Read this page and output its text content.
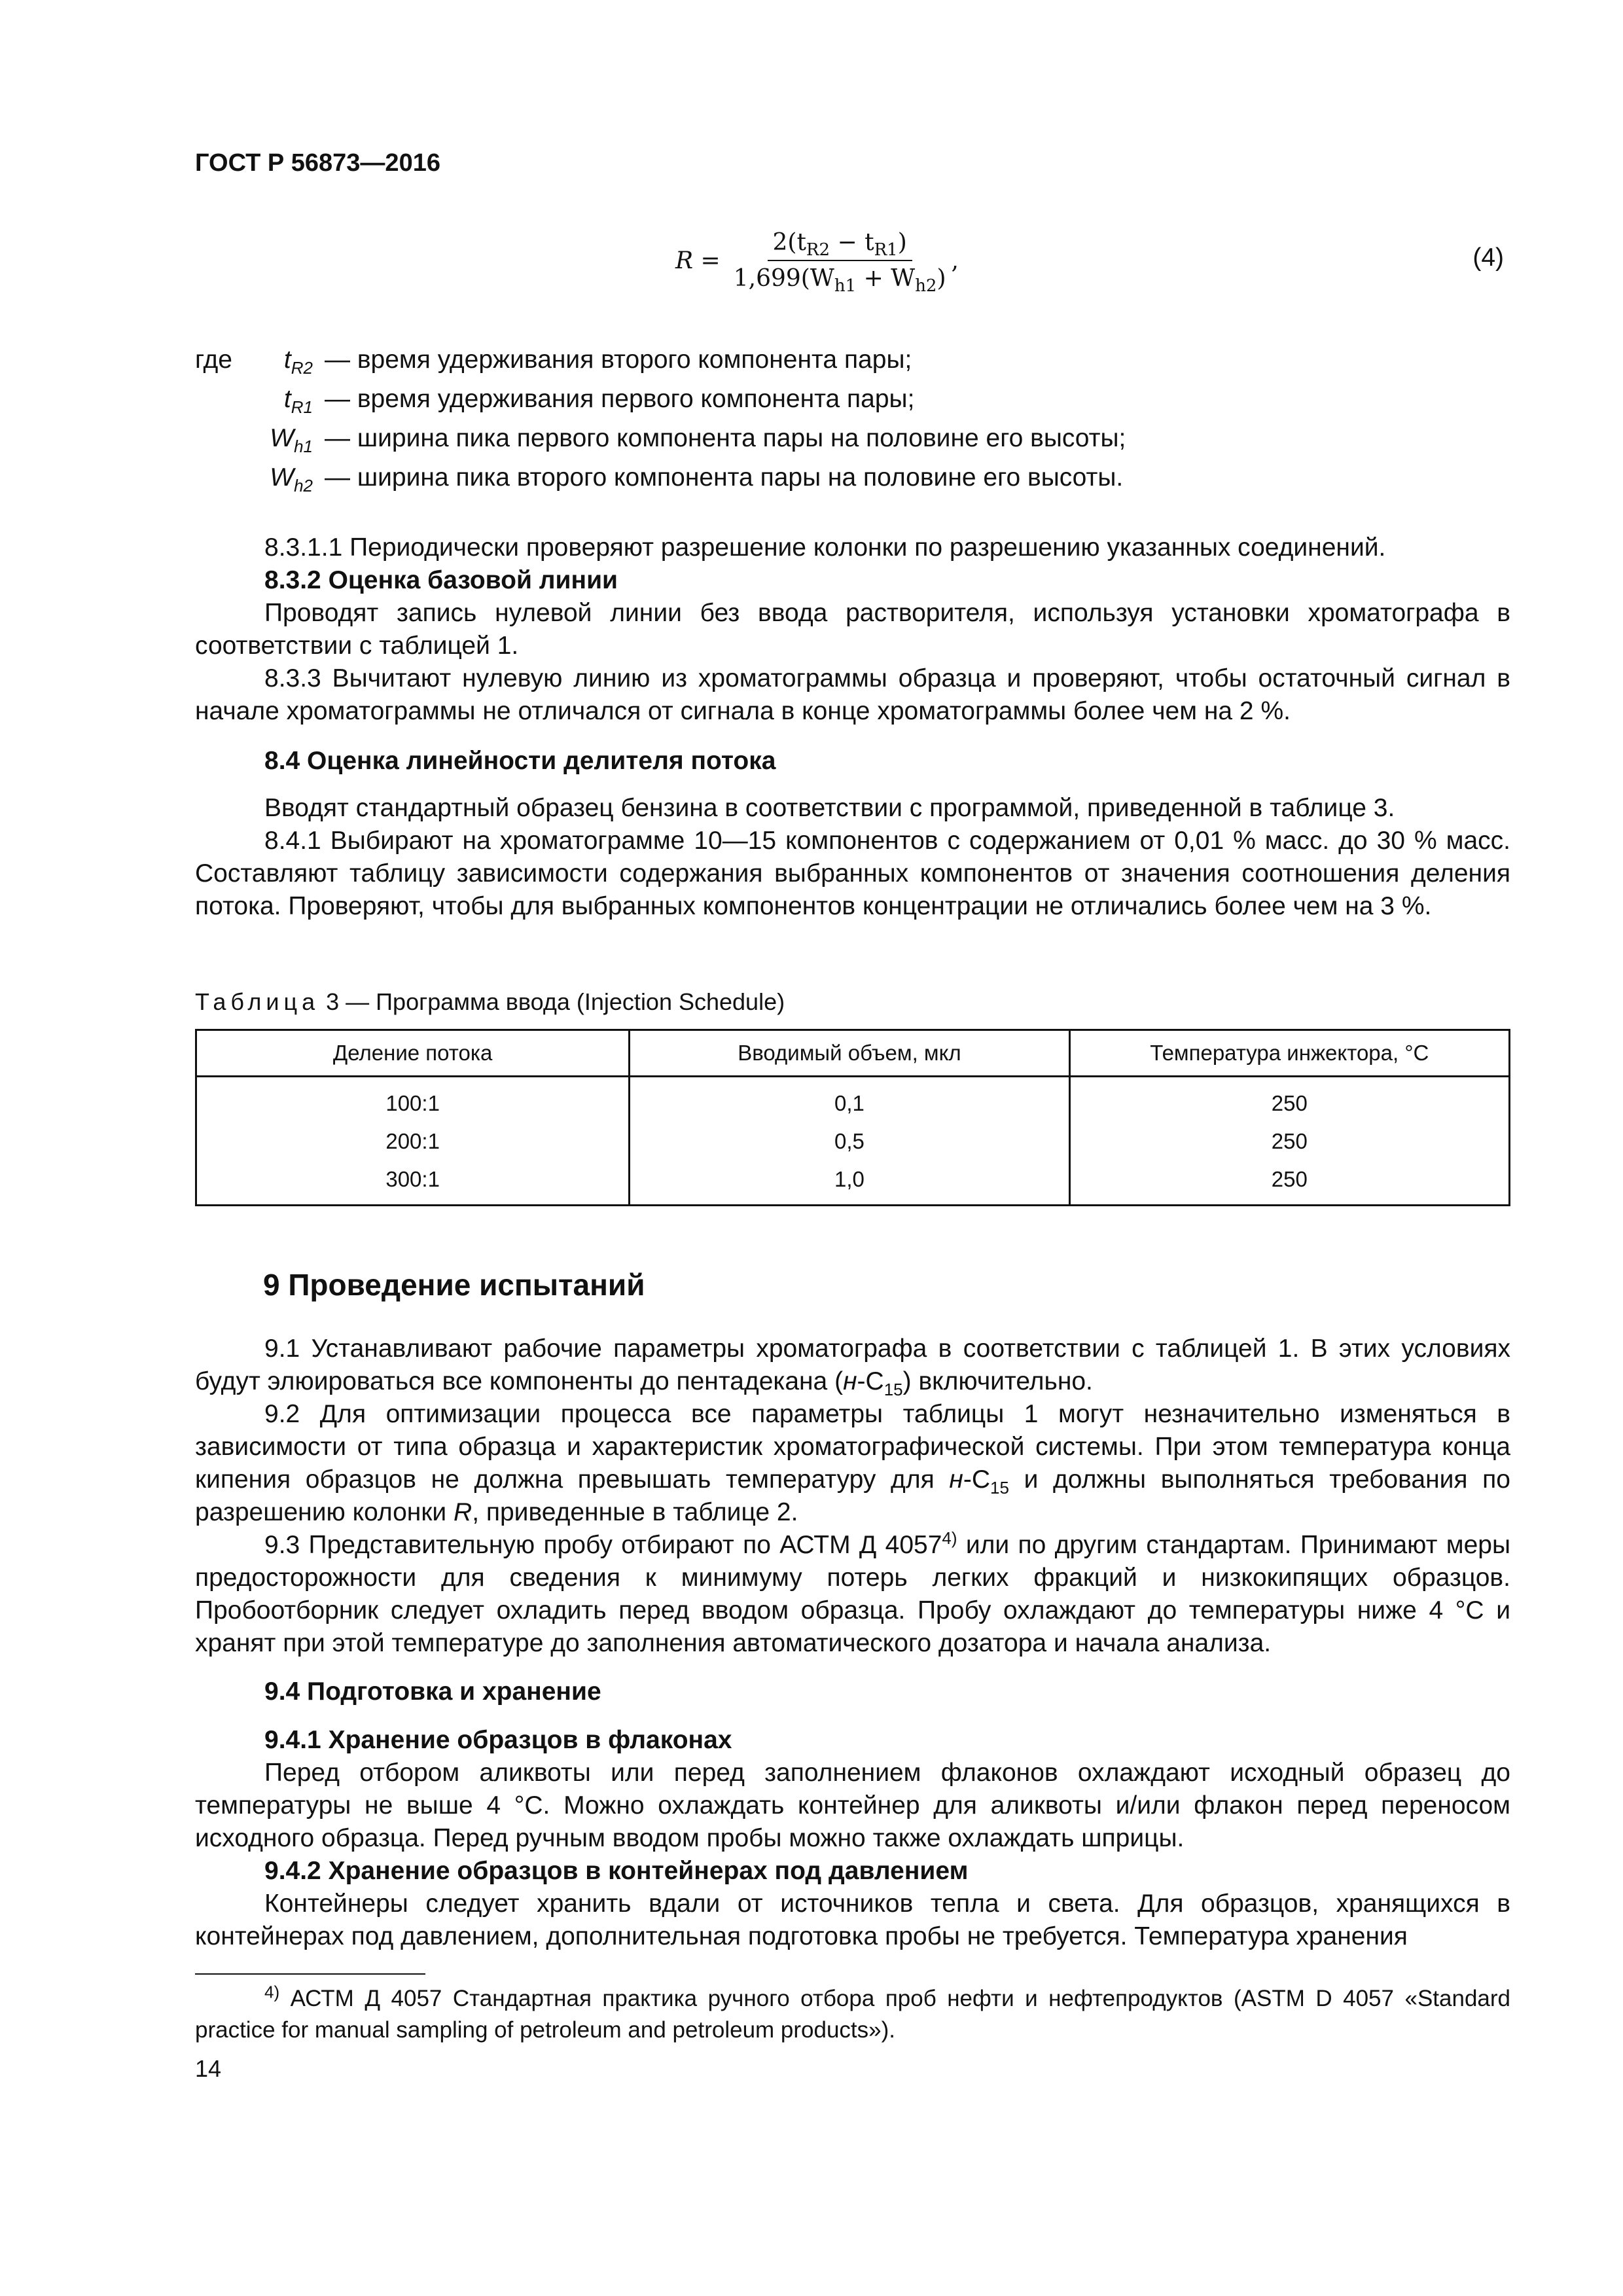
ГОСТ Р 56873—2016
$R = \frac{2(t_{R2} - t_{R1})}{1,699(W_{h1} + W_{h2})}$ ,	(4)
где	$t_{R2}$ — время удерживания второго компонента пары;
$t_{R1}$ — время удерживания первого компонента пары;
$W_{h1}$ — ширина пика первого компонента пары на половине его высоты;
$W_{h2}$ — ширина пика второго компонента пары на половине его высоты.

8.3.1.1 Периодически проверяют разрешение колонки по разрешению указанных соединений.

8.3.2 Оценка базовой линии

Проводят запись нулевой линии без ввода растворителя, используя установки хроматографа в соответствии с таблицей 1.

8.3.3 Вычитают нулевую линию из хроматограммы образца и проверяют, чтобы остаточный сигнал в начале хроматограммы не отличался от сигнала в конце хроматограммы более чем на 2 %.

8.4 Оценка линейности делителя потока

Вводят стандартный образец бензина в соответствии с программой, приведенной в таблице 3.

8.4.1 Выбирают на хроматограмме 10—15 компонентов с содержанием от 0,01 % масс. до 30 % масс. Составляют таблицу зависимости содержания выбранных компонентов от значения соотношения деления потока. Проверяют, чтобы для выбранных компонентов концентрации не отличались более чем на 3 %.

Таблица 3 — Программа ввода (Injection Schedule)
Деление потока	Вводимый объем, мкл	Температура инжектора, °С
100:1	0,1	250
200:1	0,5	250
300:1	1,0	250
9 Проведение испытаний

9.1 Устанавливают рабочие параметры хроматографа в соответствии с таблицей 1. В этих условиях будут элюироваться все компоненты до пентадекана $(н-С_{15})$ включительно.

9.2 Для оптимизации процесса все параметры таблицы 1 могут незначительно изменяться в зависимости от типа образца и характеристик хроматографической системы. При этом температура конца кипения образцов не должна превышать температуру для $н-С_{15}$ и должны выполняться требования по разрешению колонки R, приведенные в таблице 2.

9.3 Представительную пробу отбирают по АСТМ Д 4057$^{4)}$ или по другим стандартам. Принимают меры предосторожности для сведения к минимуму потерь легких фракций и низкокипящих образцов. Пробоотборник следует охладить перед вводом образца. Пробу охлаждают до температуры ниже 4 °С и хранят при этой температуре до заполнения автоматического дозатора и начала анализа.

9.4 Подготовка и хранение

9.4.1 Хранение образцов в флаконах

Перед отбором аликвоты или перед заполнением флаконов охлаждают исходный образец до температуры не выше 4 °С. Можно охлаждать контейнер для аликвоты и/или флакон перед переносом исходного образца. Перед ручным вводом пробы можно также охлаждать шприцы.

9.4.2 Хранение образцов в контейнерах под давлением

Контейнеры следует хранить вдали от источников тепла и света. Для образцов, хранящихся в контейнерах под давлением, дополнительная подготовка пробы не требуется. Температура хранения

$^{4)}$ АСТМ Д 4057 Стандартная практика ручного отбора проб нефти и нефтепродуктов (ASTM D 4057 «Standard practice for manual sampling of petroleum and petroleum products»).

14
